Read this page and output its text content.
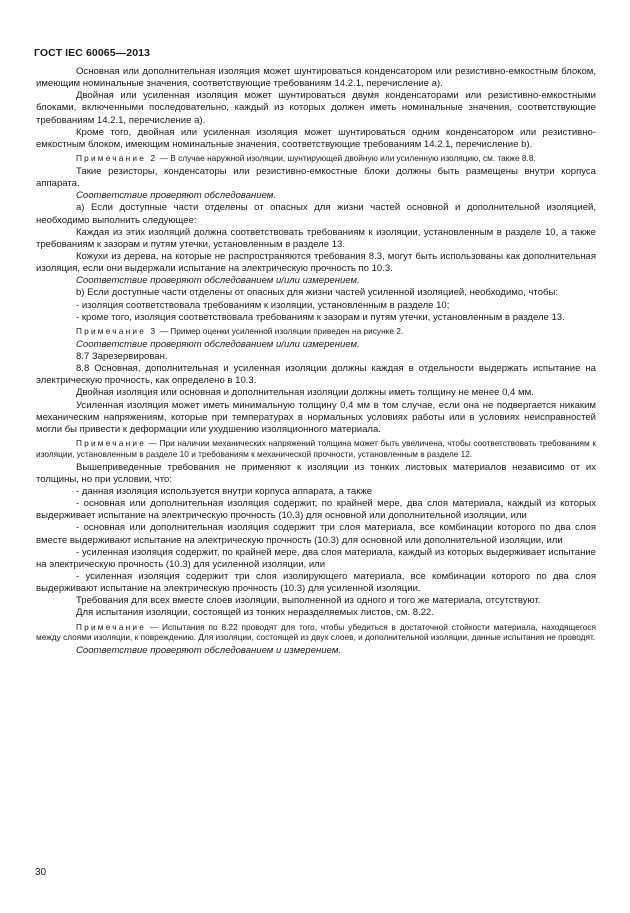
ГОСТ IEC 60065—2013

Основная или дополнительная изоляция может шунтироваться конденсатором или резистивно-емкостным блоком, имеющим номинальные значения, соответствующие требованиям 14.2.1, перечисление а).

Двойная или усиленная изоляция может шунтироваться двумя конденсаторами или резистивно-емкостными блоками, включенными последовательно, каждый из которых должен иметь номинальные значения, соответствующие требованиям 14.2.1, перечисление а).

Кроме того, двойная или усиленная изоляция может шунтироваться одним конденсатором или резистивно-емкостным блоком, имеющим номинальные значения, соответствующие требованиям 14.2.1, перечисление b).

Примечание 2 — В случае наружной изоляции, шунтирующей двойную или усиленную изоляцию, см. также 8.8.

Такие резисторы, конденсаторы или резистивно-емкостные блоки должны быть размещены внутри корпуса аппарата.

Соответствие проверяют обследованием.

а) Если доступные части отделены от опасных для жизни частей основной и дополнительной изоляцией, необходимо выполнить следующее:

Каждая из этих изоляций должна соответствовать требованиям к изоляции, установленным в разделе 10, а также требованиям к зазорам и путям утечки, установленным в разделе 13.

Кожухи из дерева, на которые не распространяются требования 8.3, могут быть использованы как дополнительная изоляция, если они выдержали испытание на электрическую прочность по 10.3.

Соответствие проверяют обследованием и/или измерением.

b) Если доступные части отделены от опасных для жизни частей усиленной изоляцией, необходимо, чтобы:

- изоляция соответствовала требованиям к изоляции, установленным в разделе 10;

- кроме того, изоляция соответствовала требованиям к зазорам и путям утечки, установленным в разделе 13.

Примечание 3 — Пример оценки усиленной изоляции приведен на рисунке 2.

Соответствие проверяют обследованием и/или измерением.

8.7 Зарезервирован.

8.8 Основная, дополнительная и усиленная изоляции должны каждая в отдельности выдержать испытание на электрическую прочность, как определено в 10.3.

Двойная изоляция или основная и дополнительная изоляции должны иметь толщину не менее 0,4 мм.

Усиленная изоляция может иметь минимальную толщину 0,4 мм в том случае, если она не подвергается никаким механическим напряжениям, которые при температурах в нормальных условиях работы или в условиях неисправностей могли бы привести к деформации или ухудшению изоляционного материала.

Примечание — При наличии механических напряжений толщина может быть увеличена, чтобы соответствовать требованиям к изоляции, установленным в разделе 10 и требованиям к механической прочности, установленным в разделе 12.

Вышеприведенные требования не применяют к изоляции из тонких листовых материалов независимо от их толщины, но при условии, что:

- данная изоляция используется внутри корпуса аппарата, а также

- основная или дополнительная изоляция содержит, по крайней мере, два слоя материала, каждый из которых выдерживает испытание на электрическую прочность (10.3) для основной или дополнительной изоляции, или

- основная или дополнительная изоляция содержит три слоя материала, все комбинации которого по два слоя вместе выдерживают испытание на электрическую прочность (10.3) для основной или дополнительной изоляции, или

- усиленная изоляция содержит, по крайней мере, два слоя материала, каждый из которых выдерживает испытание на электрическую прочность (10.3) для усиленной изоляции, или

- усиленная изоляция содержит три слоя изолирующего материала, все комбинации которого по два слоя выдерживают испытание на электрическую прочность (10.3) для усиленной изоляции.

Требования для всех вместе слоев изоляции, выполненной из одного и того же материала, отсутствуют.

Для испытания изоляции, состоящей из тонких неразделяемых листов, см. 8.22.

Примечание — Испытания по 8.22 проводят для того, чтобы убедиться в достаточной стойкости материала, находящегося между слоями изоляции, к повреждению. Для изоляции, состоящей из двух слоев, и дополнительной изоляции, данные испытания не проводят.

Соответствие проверяют обследованием и измерением.

30
